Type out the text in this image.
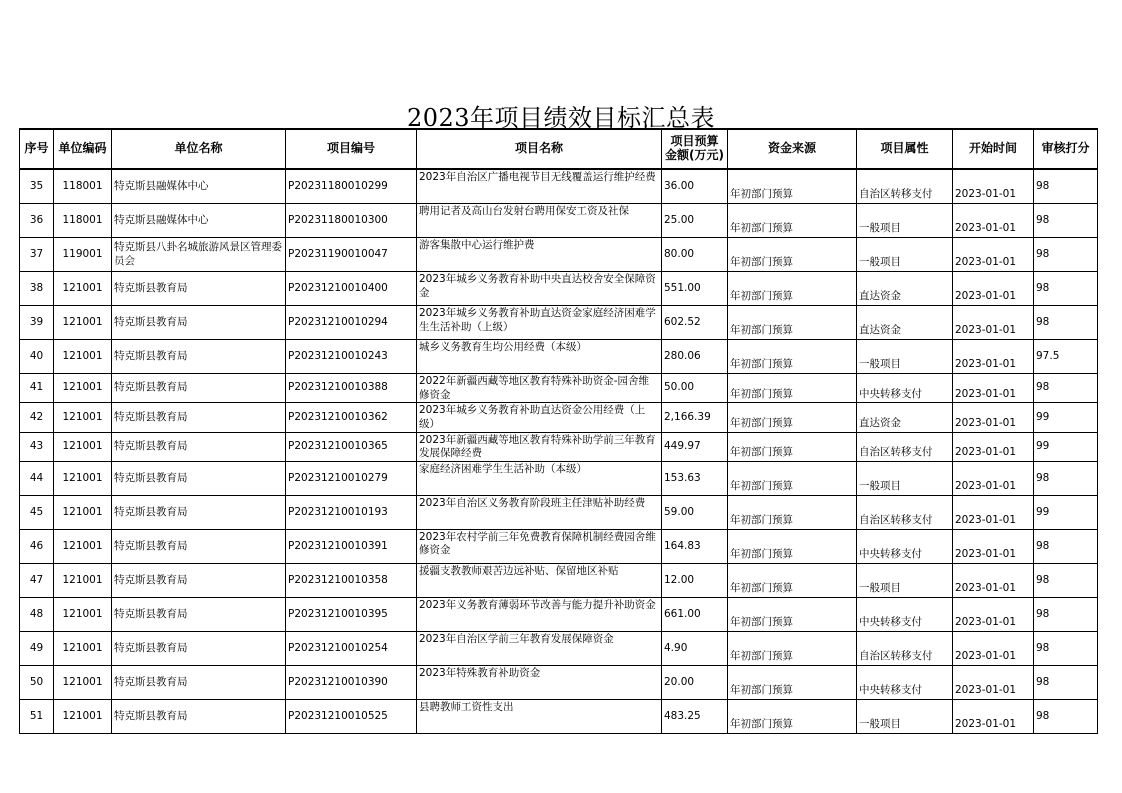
2023年项目绩效目标汇总表
序号	单位编码	单位名称	项目编号	项目名称	项目预算
金额(万元)	资金来源	项目属性	开始时间	审核打分
35	118001	特克斯县融媒体中心	P20231180010299	2023年自治区广播电视节目无线覆盖运行维护经费	36.00	年初部门预算	自治区转移支付	2023-01-01	98
36	118001	特克斯县融媒体中心	P20231180010300	聘用记者及高山台发射台聘用保安工资及社保	25.00	年初部门预算	一般项目	2023-01-01	98
37	119001	特克斯县八卦名城旅游风景区管理委员会	P20231190010047	游客集散中心运行维护费	80.00	年初部门预算	一般项目	2023-01-01	98
38	121001	特克斯县教育局	P20231210010400	2023年城乡义务教育补助中央直达校舍安全保障资金	551.00	年初部门预算	直达资金	2023-01-01	98
39	121001	特克斯县教育局	P20231210010294	2023年城乡义务教育补助直达资金家庭经济困难学生生活补助（上级）	602.52	年初部门预算	直达资金	2023-01-01	98
40	121001	特克斯县教育局	P20231210010243	城乡义务教育生均公用经费（本级）	280.06	年初部门预算	一般项目	2023-01-01	97.5
41	121001	特克斯县教育局	P20231210010388	2022年新疆西藏等地区教育特殊补助资金-园舍维修资金	50.00	年初部门预算	中央转移支付	2023-01-01	98
42	121001	特克斯县教育局	P20231210010362	2023年城乡义务教育补助直达资金公用经费（上级）	2,166.39	年初部门预算	直达资金	2023-01-01	99
43	121001	特克斯县教育局	P20231210010365	2023年新疆西藏等地区教育特殊补助学前三年教育发展保障经费	449.97	年初部门预算	自治区转移支付	2023-01-01	99
44	121001	特克斯县教育局	P20231210010279	家庭经济困难学生生活补助（本级）	153.63	年初部门预算	一般项目	2023-01-01	98
45	121001	特克斯县教育局	P20231210010193	2023年自治区义务教育阶段班主任津贴补助经费	59.00	年初部门预算	自治区转移支付	2023-01-01	99
46	121001	特克斯县教育局	P20231210010391	2023年农村学前三年免费教育保障机制经费园舍维修资金	164.83	年初部门预算	中央转移支付	2023-01-01	98
47	121001	特克斯县教育局	P20231210010358	援疆支教教师艰苦边远补贴、保留地区补贴	12.00	年初部门预算	一般项目	2023-01-01	98
48	121001	特克斯县教育局	P20231210010395	2023年义务教育薄弱环节改善与能力提升补助资金	661.00	年初部门预算	中央转移支付	2023-01-01	98
49	121001	特克斯县教育局	P20231210010254	2023年自治区学前三年教育发展保障资金	4.90	年初部门预算	自治区转移支付	2023-01-01	98
50	121001	特克斯县教育局	P20231210010390	2023年特殊教育补助资金	20.00	年初部门预算	中央转移支付	2023-01-01	98
51	121001	特克斯县教育局	P20231210010525	县聘教师工资性支出	483.25	年初部门预算	一般项目	2023-01-01	98
